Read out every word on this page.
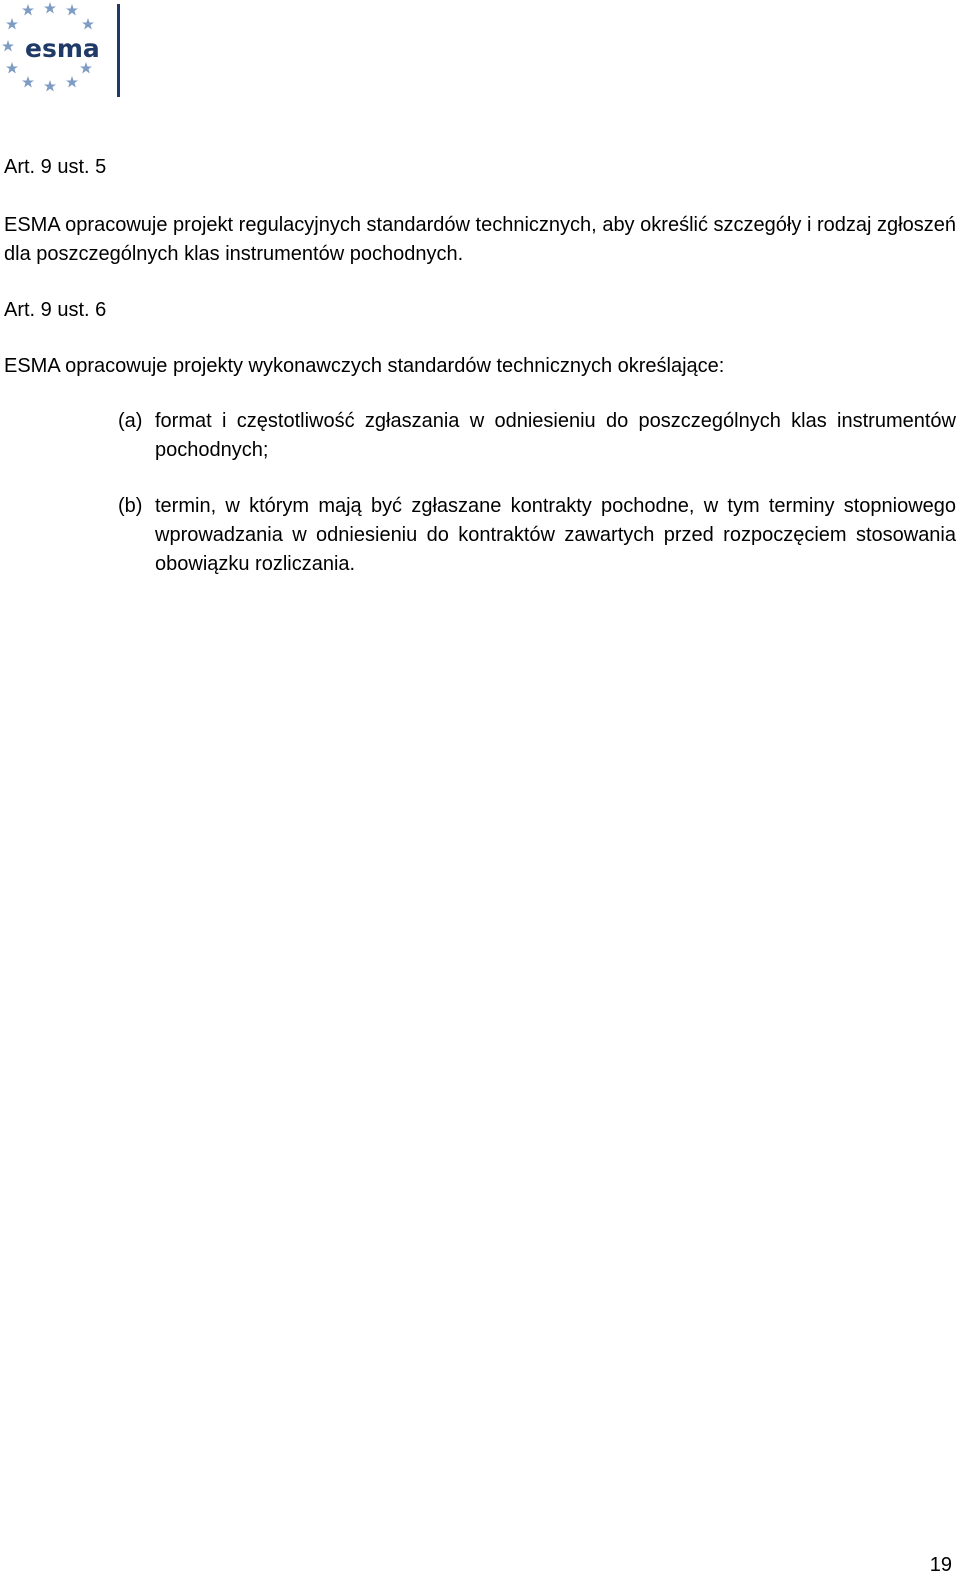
esma
Art. 9 ust. 5
ESMA opracowuje projekt regulacyjnych standardów technicznych, aby określić szczegóły i rodzaj zgłoszeń dla poszczególnych klas instrumentów pochodnych.
Art. 9 ust. 6
ESMA opracowuje projekty wykonawczych standardów technicznych określające:
(a) format i częstotliwość zgłaszania w odniesieniu do poszczególnych klas instrumentów pochodnych;
(b) termin, w którym mają być zgłaszane kontrakty pochodne, w tym terminy stopniowego wprowadzania w odniesieniu do kontraktów zawartych przed rozpoczęciem stosowania obowiązku rozliczania.
19
